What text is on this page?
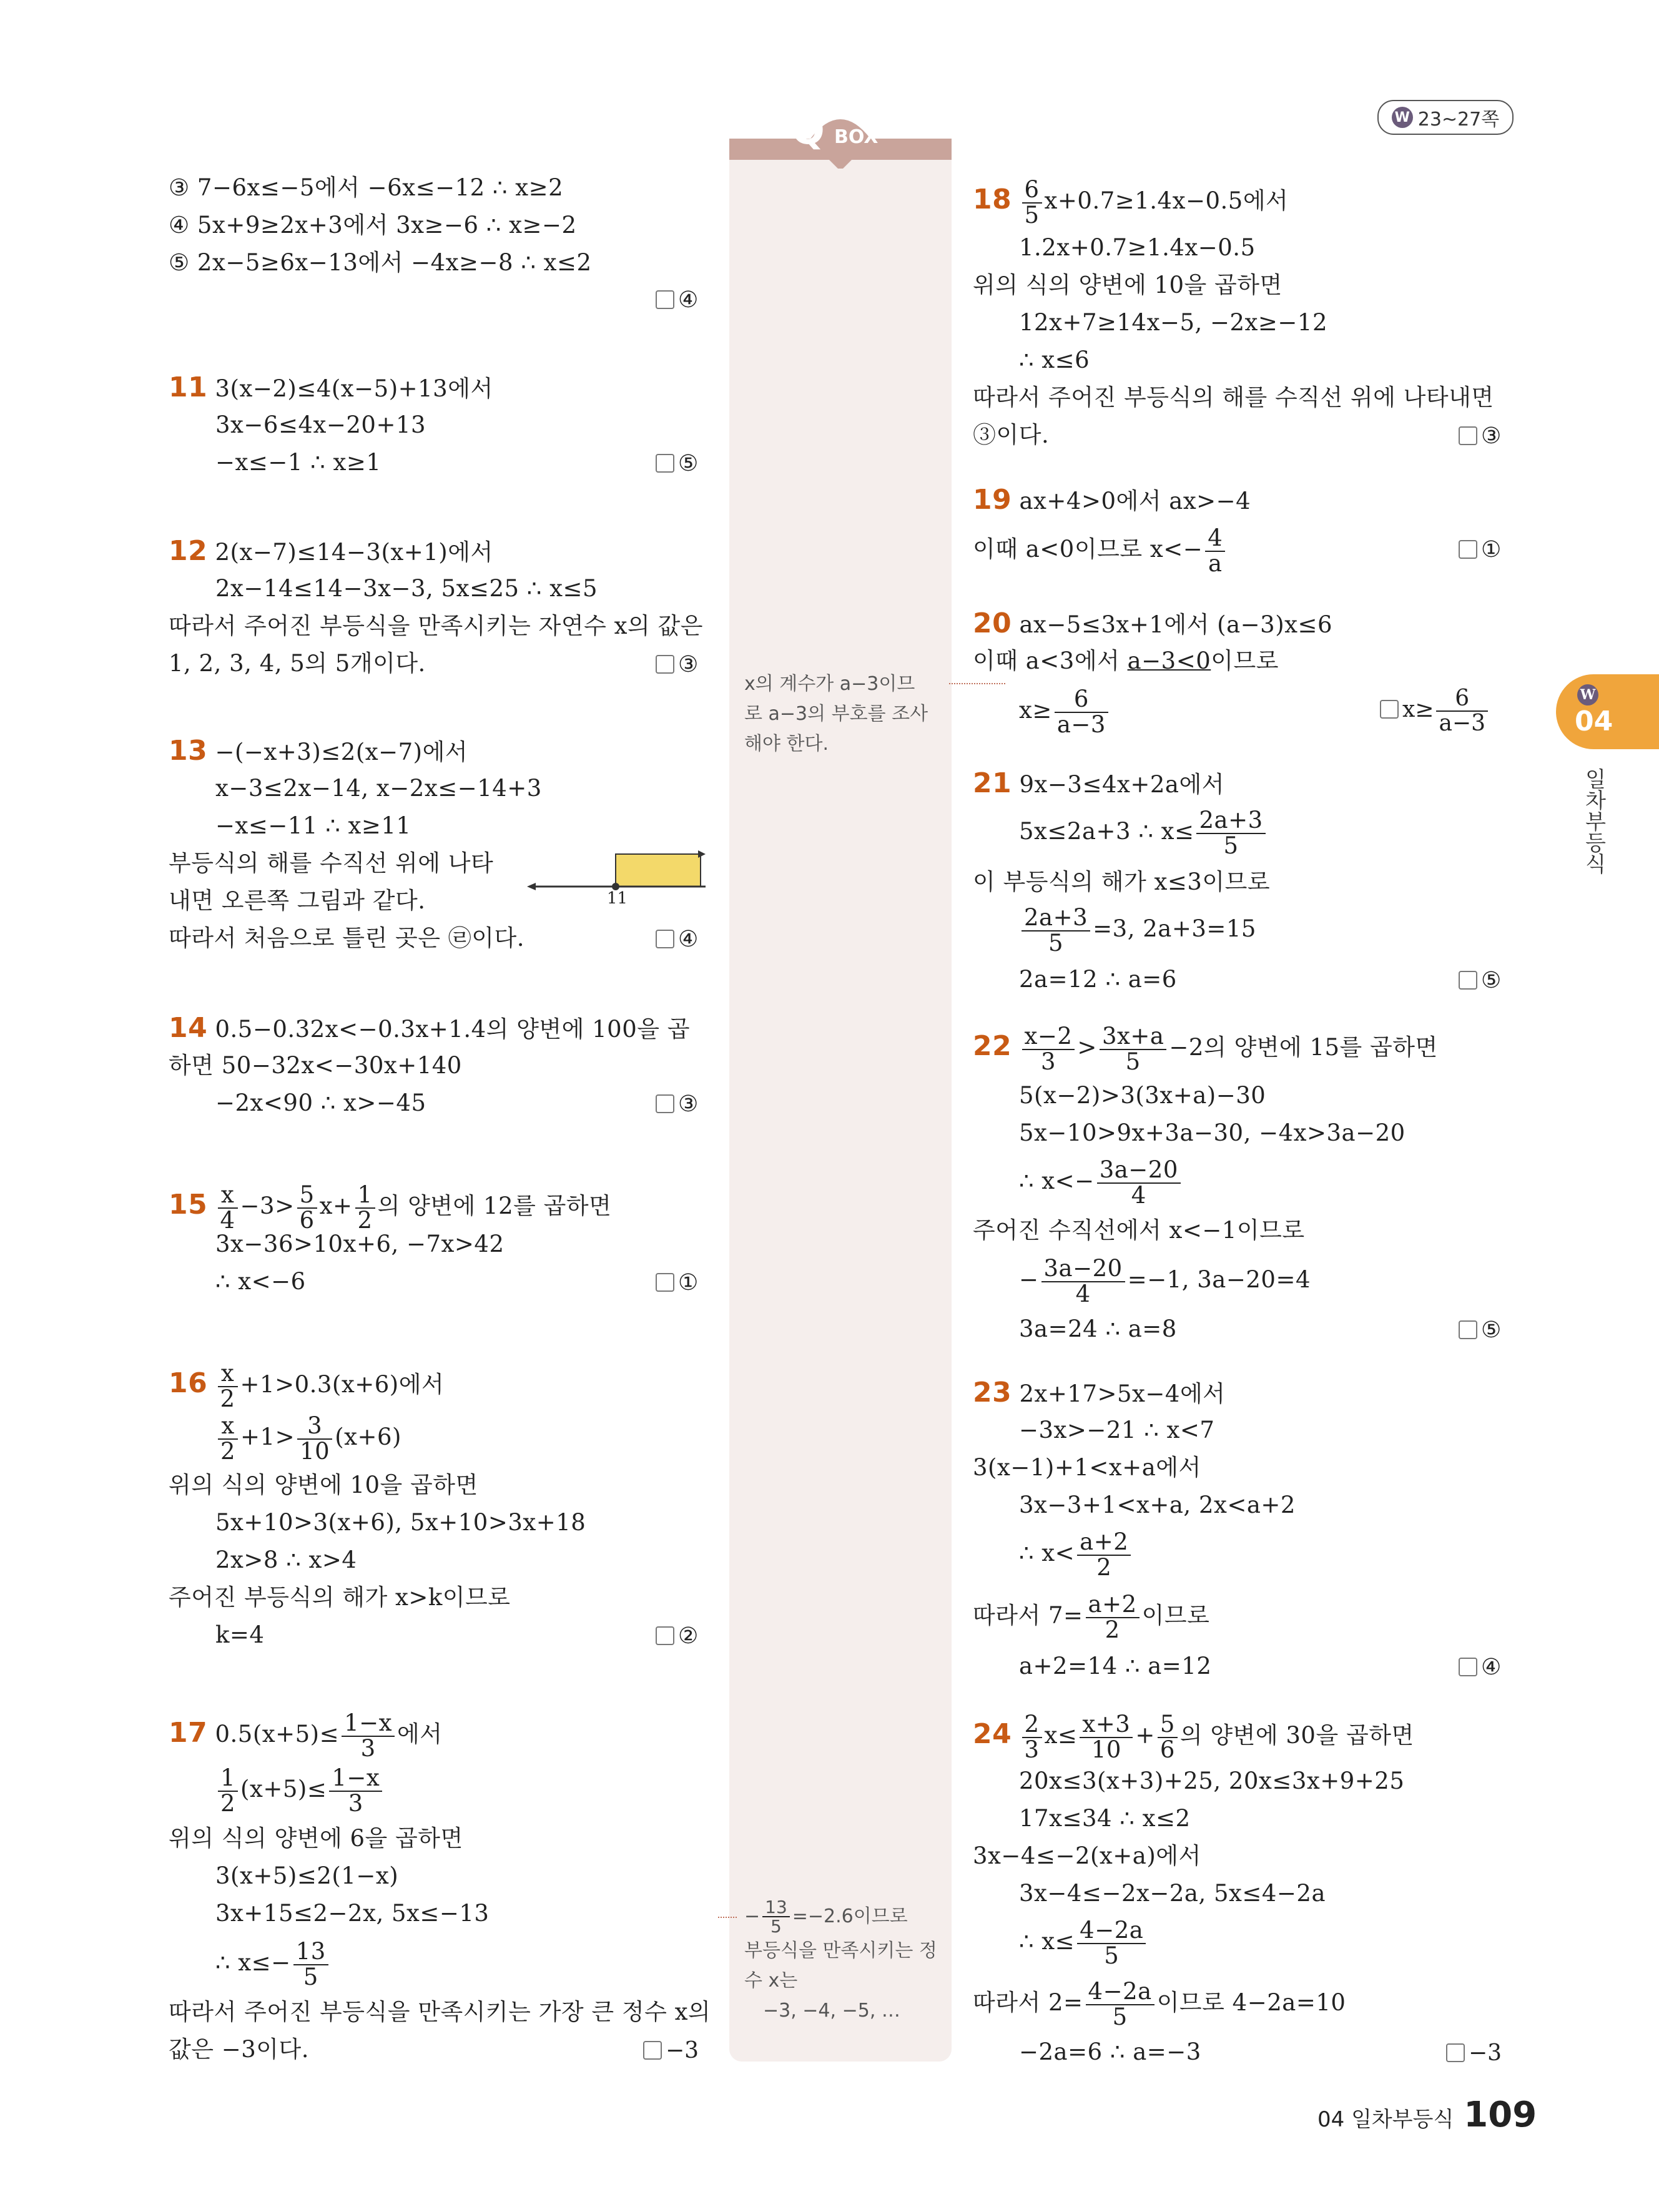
W 23~27쪽
Q BOX
x의 계수가 a−3이므
로 a−3의 부호를 조사
해야 한다.
− $\frac{13}{5} =-2.6$이므로
부등식을 만족시키는 정
수 x는
−3, −4, −5, …
③ 7−6x≤−5에서 −6x≤−12 ∴ x≥2
④ 5x+9≥2x+3에서 3x≥−6 ∴ x≥−2
⑤ 2x−5≥6x−13에서 −4x≥−8 ∴ x≤2
④
11 3(x−2)≤4(x−5)+13에서
3x−6≤4x−20+13
−x≤−1 ∴ x≥1	⑤
12 2(x−7)≤14−3(x+1)에서
2x−14≤14−3x−3, 5x≤25 ∴ x≤5
따라서 주어진 부등식을 만족시키는 자연수 x의 값은
1, 2, 3, 4, 5의 5개이다.	③
13 −(−x+3)≤2(x−7)에서
x−3≤2x−14, x−2x≤−14+3
−x≤−11 ∴ x≥11
부등식의 해를 수직선 위에 나타
내면 오른쪽 그림과 같다.
따라서 처음으로 틀린 곳은 ㉣이다.	④
11
14 0.5−0.32x<−0.3x+1.4의 양변에 100을 곱
하면 50−32x<−30x+140
−2x<90 ∴ x>−45	③
$15 \frac{x}{4} -3> \frac{5}{6} x+ \frac{1}{2}$ 의 양변에 12를 곱하면
3x−36>10x+6, −7x>42
∴ x<−6	①
$16 \frac{x}{2} +1>0.3(x+6)$에서
$\frac{x}{2} +1> \frac{3}{10} (x+6)$
위의 식의 양변에 10을 곱하면
5x+10>3(x+6), 5x+10>3x+18
2x>8 ∴ x>4
주어진 부등식의 해가 x>k이므로
k=4	②
17 $0.5(x+5)\le \frac{1-x}{3}$ 에서
$\frac{1}{2} (x+5)\le \frac{1-x}{3}$
위의 식의 양변에 6을 곱하면
3(x+5)≤2(1−x)
3x+15≤2−2x, 5x≤−13
∴ $x\le- \frac{13}{5}$
따라서 주어진 부등식을 만족시키는 가장 큰 정수 x의
값은 −3이다.	−3
$18 \frac{6}{5} x+0.7\ge 1.4x-0.5$에서
1.2x+0.7≥1.4x−0.5
위의 식의 양변에 10을 곱하면
12x+7≥14x−5, −2x≥−12
∴ x≤6
따라서 주어진 부등식의 해를 수직선 위에 나타내면
③이다.	③
19 ax+4>0에서 ax>−4
이때 a<0이므로 $x<- \frac{4}{a}$	①
20 ax−5≤3x+1에서 (a−3)x≤6
이때 a<3에서 a−3<0이므로
$x\ge \frac{6}{a-3}$	$x\ge \frac{6}{a-3}$
21 9x−3≤4x+2a에서
5x≤2a+3 ∴ $x\le \frac{2a+3}{5}$
이 부등식의 해가 x≤3이므로
$\frac{2a+3}{5} =3$, 2a+3=15
2a=12 ∴ a=6	⑤
$22 \frac{x-2}{3} > \frac{3x+a}{5} -2$의 양변에 15를 곱하면
5(x−2)>3(3x+a)−30
5x−10>9x+3a−30, −4x>3a−20
∴ $x<- \frac{3a-20}{4}$
주어진 수직선에서 x<−1이므로
− $\frac{3a-20}{4} =-1$, 3a−20=4
3a=24 ∴ a=8	⑤
23 2x+17>5x−4에서
−3x>−21 ∴ x<7
3(x−1)+1<x+a에서
3x−3+1<x+a, 2x<a+2
∴ $x< \frac{a+2}{2}$
따라서 $7= \frac{a+2}{2}$ 이므로
a+2=14 ∴ a=12	④
$24 \frac{2}{3} x\le \frac{x+3}{10} + \frac{5}{6}$ 의 양변에 30을 곱하면
20x≤3(x+3)+25, 20x≤3x+9+25
17x≤34 ∴ x≤2
3x−4≤−2(x+a)에서
3x−4≤−2x−2a, 5x≤4−2a
∴ $x\le \frac{4-2a}{5}$
따라서 $2= \frac{4-2a}{5}$ 이므로 4−2a=10
−2a=6 ∴ a=−3	−3
W
04
일차부등식
04 일차부등식 109
